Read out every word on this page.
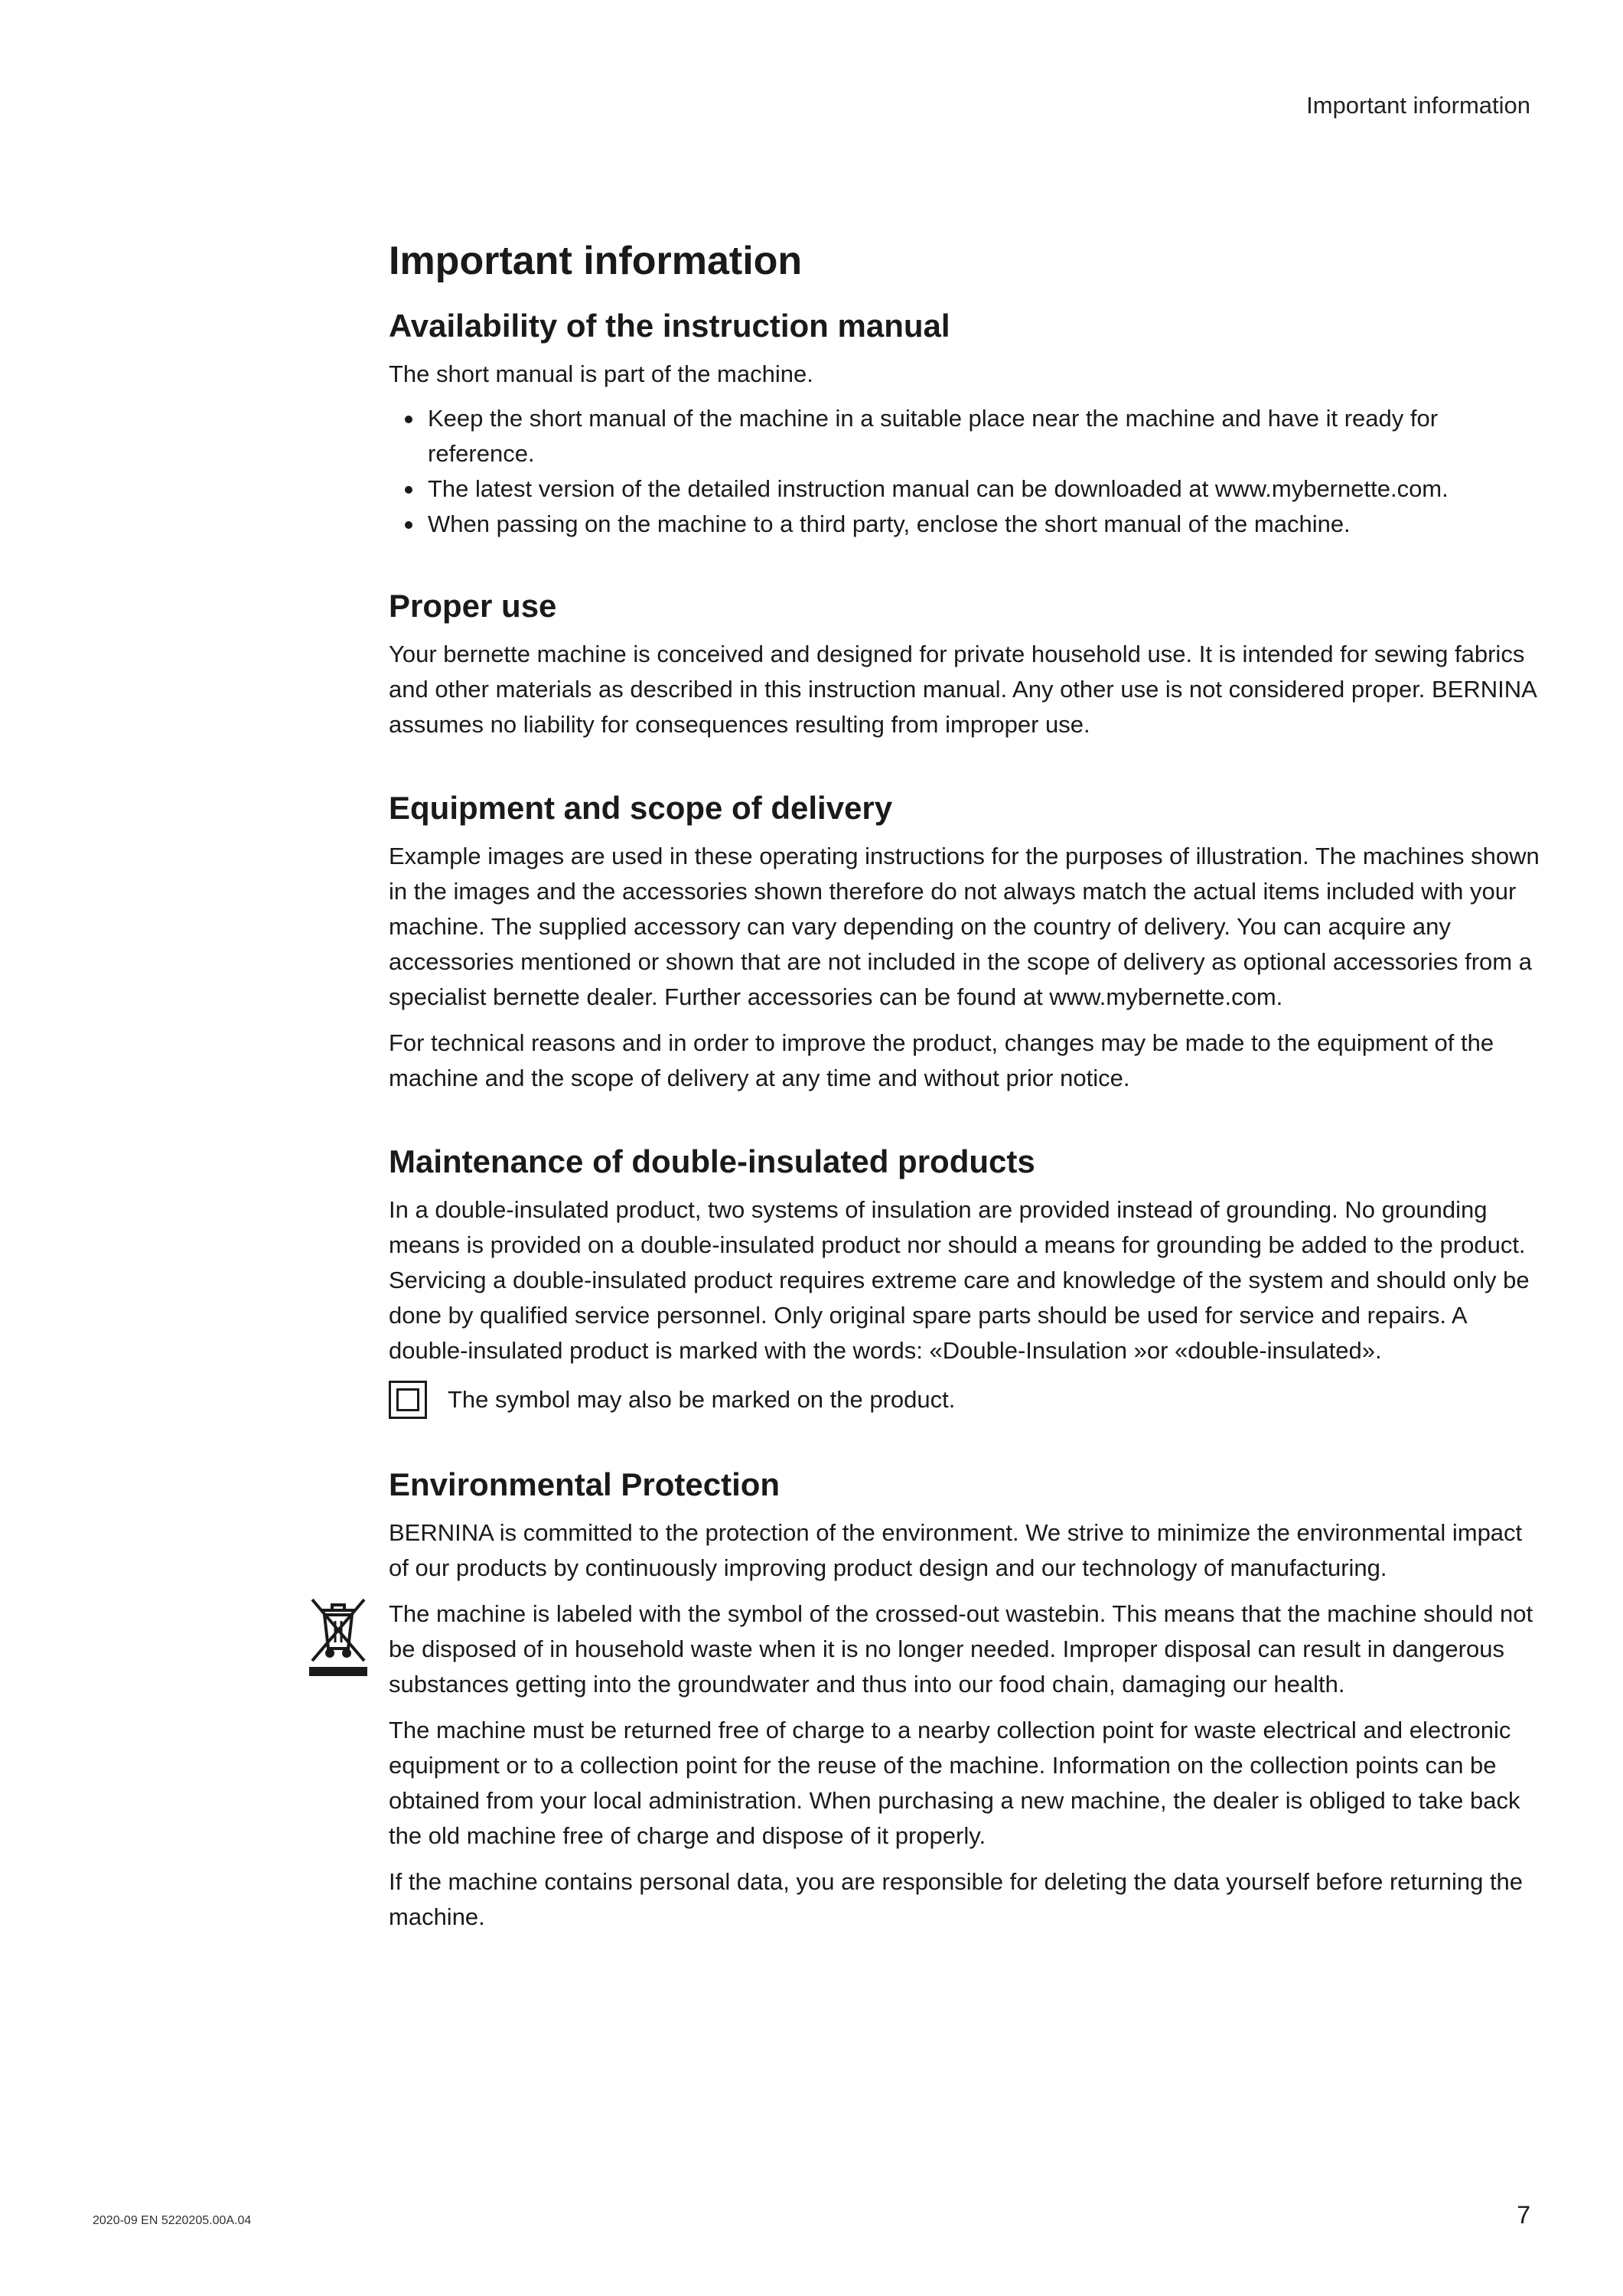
Important information
Important information
Availability of the instruction manual

The short manual is part of the machine.

Keep the short manual of the machine in a suitable place near the machine and have it ready for reference.
The latest version of the detailed instruction manual can be downloaded at www.mybernette.com.
When passing on the machine to a third party, enclose the short manual of the machine.
Proper use

Your bernette machine is conceived and designed for private household use. It is intended for sewing fabrics and other materials as described in this instruction manual. Any other use is not considered proper. BERNINA assumes no liability for consequences resulting from improper use.

Equipment and scope of delivery

Example images are used in these operating instructions for the purposes of illustration. The machines shown in the images and the accessories shown therefore do not always match the actual items included with your machine. The supplied accessory can vary depending on the country of delivery. You can acquire any accessories mentioned or shown that are not included in the scope of delivery as optional accessories from a specialist bernette dealer. Further accessories can be found at www.mybernette.com.

For technical reasons and in order to improve the product, changes may be made to the equipment of the machine and the scope of delivery at any time and without prior notice.

Maintenance of double-insulated products

In a double-insulated product, two systems of insulation are provided instead of grounding. No grounding means is provided on a double-insulated product nor should a means for grounding be added to the product. Servicing a double-insulated product requires extreme care and knowledge of the system and should only be done by qualified service personnel. Only original spare parts should be used for service and repairs. A double-insulated product is marked with the words: «Double-Insulation »or «double-insulated».

The symbol may also be marked on the product.

Environmental Protection

BERNINA is committed to the protection of the environment. We strive to minimize the environmental impact of our products by continuously improving product design and our technology of manufacturing.

The machine is labeled with the symbol of the crossed-out wastebin. This means that the machine should not be disposed of in household waste when it is no longer needed. Improper disposal can result in dangerous substances getting into the groundwater and thus into our food chain, damaging our health.

The machine must be returned free of charge to a nearby collection point for waste electrical and electronic equipment or to a collection point for the reuse of the machine. Information on the collection points can be obtained from your local administration. When purchasing a new machine, the dealer is obliged to take back the old machine free of charge and dispose of it properly.

If the machine contains personal data, you are responsible for deleting the data yourself before returning the machine.

2020-09 EN 5220205.00A.04	7
